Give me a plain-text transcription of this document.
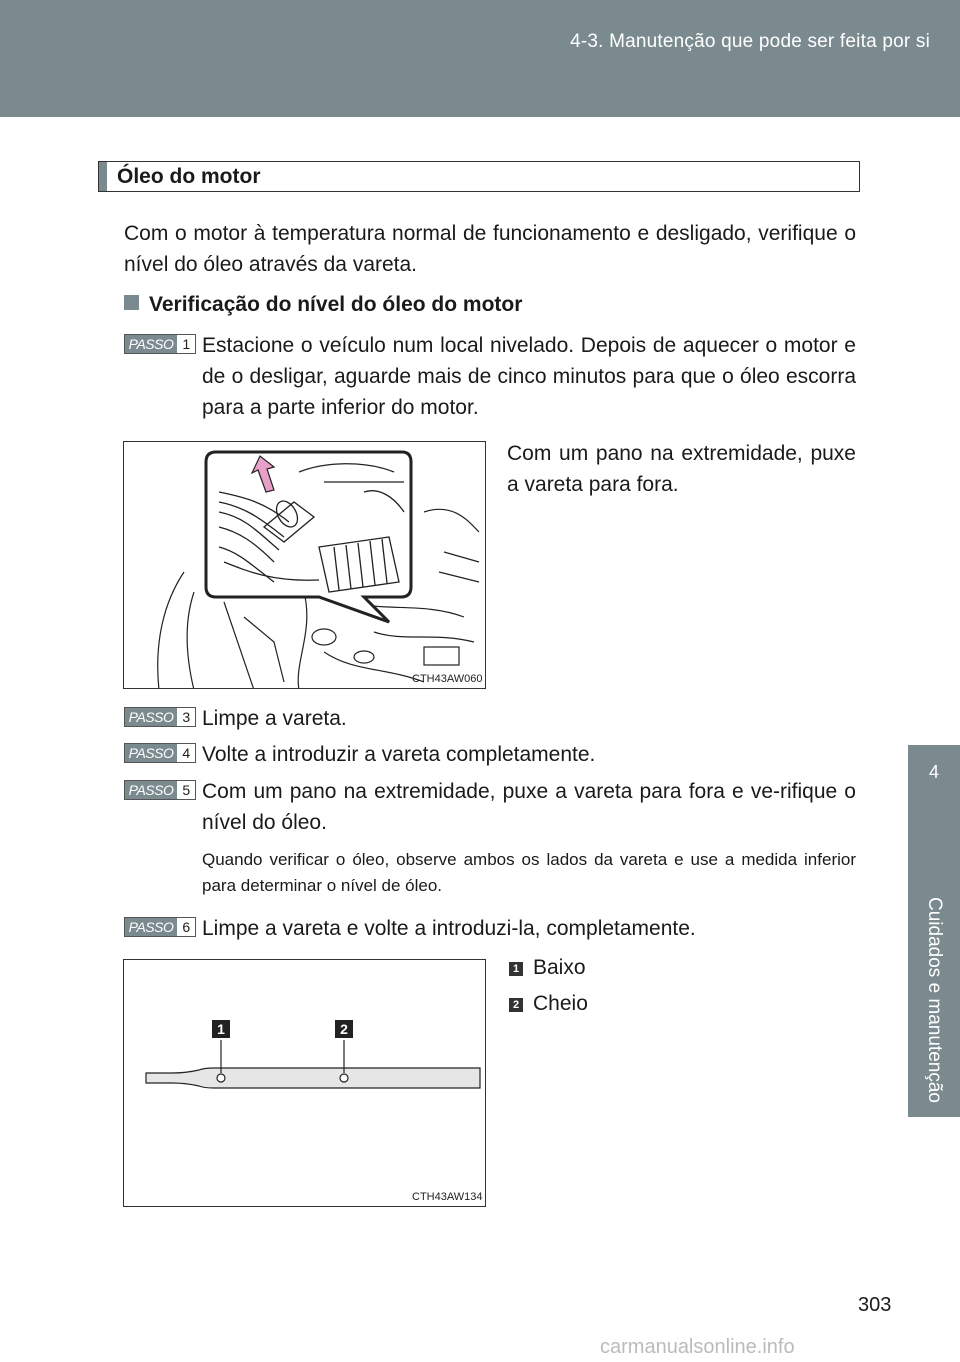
4-3. Manutenção que pode ser feita por si
4
Cuidados e manutenção
Óleo do motor
Com o motor à temperatura normal de funcionamento e desligado, verifique o nível do óleo através da vareta.
Verificação do nível do óleo do motor
PASSO 1 Estacione o veículo num local nivelado. Depois de aquecer o motor e de o desligar, aguarde mais de cinco minutos para que o óleo escorra para a parte inferior do motor.
CTH43AW060
Com um pano na extremidade, puxe a vareta para fora.
PASSO 3 Limpe a vareta.
PASSO 4 Volte a introduzir a vareta completamente.
PASSO 5 Com um pano na extremidade, puxe a vareta para fora e ve-rifique o nível do óleo.
Quando verificar o óleo, observe ambos os lados da vareta e use a medida inferior para determinar o nível de óleo.
PASSO 6 Limpe a vareta e volte a introduzi-la, completamente.
1	2
CTH43AW134
1 Baixo
2 Cheio
303
carmanualsonline.info
